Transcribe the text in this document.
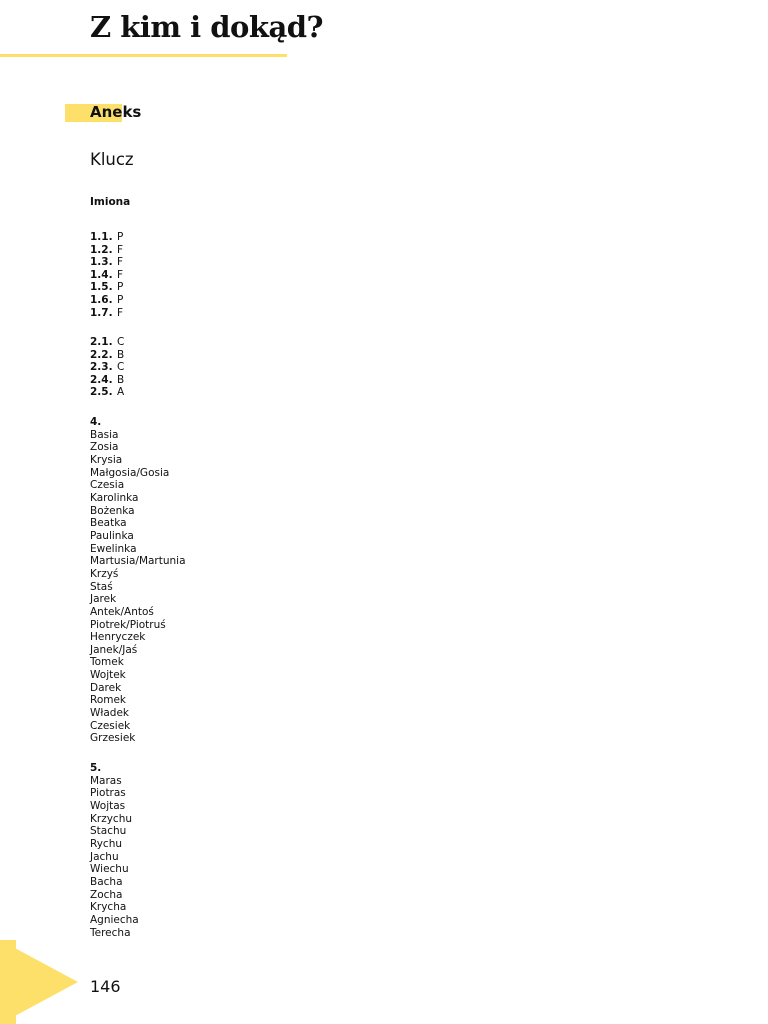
Z kim i dokąd?
Aneks
Klucz
Imiona
1.1. P
1.2. F
1.3. F
1.4. F
1.5. P
1.6. P
1.7. F
2.1. C
2.2. B
2.3. C
2.4. B
2.5. A

4.

Basia
Zosia
Krysia
Małgosia/Gosia
Czesia
Karolinka
Bożenka
Beatka
Paulinka
Ewelinka
Martusia/Martunia
Krzyś
Staś
Jarek
Antek/Antoś
Piotrek/Piotruś
Henryczek
Janek/Jaś
Tomek
Wojtek
Darek
Romek
Władek
Czesiek
Grzesiek

5.

Maras
Piotras
Wojtas
Krzychu
Stachu
Rychu
Jachu
Wiechu
Bacha
Zocha
Krycha
Agniecha
Terecha

146
